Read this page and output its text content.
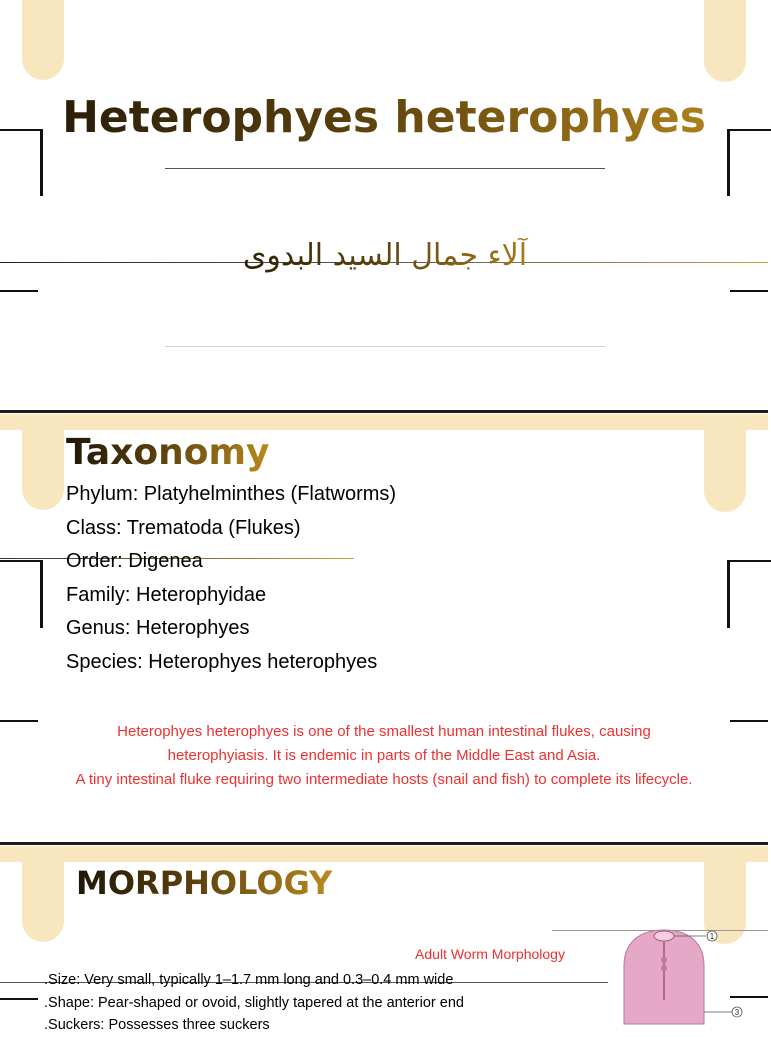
Heterophyes heterophyes
آلاء جمال السيد البدوى
Taxonomy
Phylum: Platyhelminthes (Flatworms)
Class: Trematoda (Flukes)
Order: Digenea
Family: Heterophyidae
Genus: Heterophyes
Species: Heterophyes heterophyes
Heterophyes heterophyes is one of the smallest human intestinal flukes, causing
heterophyiasis. It is endemic in parts of the Middle East and Asia.
A tiny intestinal fluke requiring two intermediate hosts (snail and fish) to complete its lifecycle.
MORPHOLOGY
Adult Worm Morphology
1
3
.Size: Very small, typically 1–1.7 mm long and 0.3–0.4 mm wide
.Shape: Pear-shaped or ovoid, slightly tapered at the anterior end
.Suckers: Possesses three suckers
